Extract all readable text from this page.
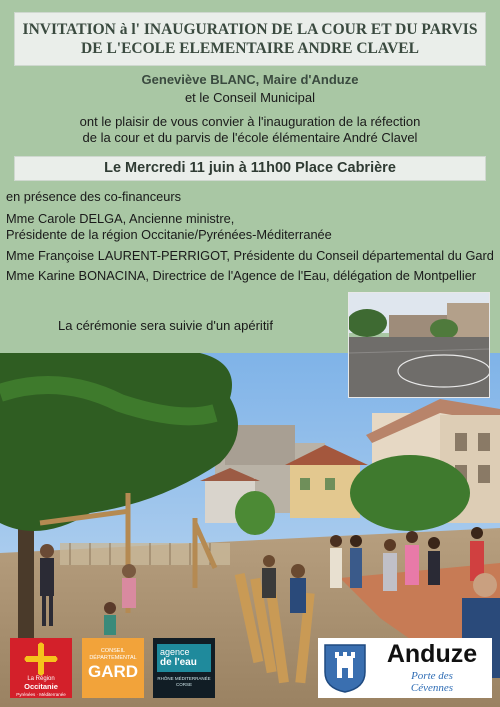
INVITATION à l' INAUGURATION DE LA COUR ET DU PARVIS
DE L'ECOLE ELEMENTAIRE ANDRE CLAVEL
Geneviève BLANC, Maire d'Anduze
et le Conseil Municipal
ont le plaisir de vous convier à l'inauguration de la réfection
de la cour et du parvis de l'école élémentaire André Clavel
Le Mercredi 11 juin à 11h00 Place Cabrière
en présence des co-financeurs
Mme Carole DELGA, Ancienne ministre,
Présidente de la région Occitanie/Pyrénées-Méditerranée
Mme Françoise LAURENT-PERRIGOT, Présidente du Conseil départemental du Gard
Mme Karine BONACINA, Directrice de l'Agence de l'Eau, délégation de Montpellier
La cérémonie sera suivie d'un apéritif
La Région
Occitanie
Pyrénées · Méditerranée
CONSEIL
DÉPARTEMENTAL
GARD
agence
de l'eau
RHÔNE MÉDITERRANÉE
CORSE
Anduze
Porte des
Cévennes
